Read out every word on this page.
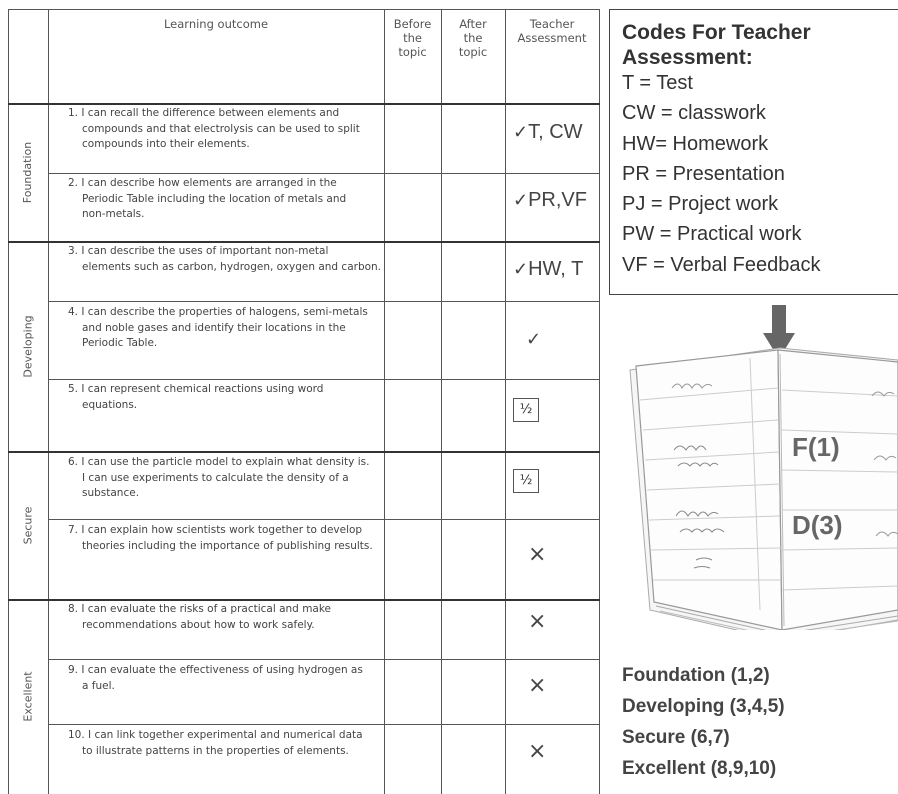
Learning outcome	Before
the
topic
After
the
topic
Teacher
Assessment
Foundation
Developing
Secure
Excellent
1. I can recall the difference between elements and
compounds and that electrolysis can be used to split
compounds into their elements.
2. I can describe how elements are arranged in the
Periodic Table including the location of metals and
non-metals.
3. I can describe the uses of important non-metal
elements such as carbon, hydrogen, oxygen and carbon.
4. I can describe the properties of halogens, semi-metals
and noble gases and identify their locations in the
Periodic Table.
5. I can represent chemical reactions using word
equations.
6. I can use the particle model to explain what density is.
I can use experiments to calculate the density of a
substance.
7. I can explain how scientists work together to develop
theories including the importance of publishing results.
8. I can evaluate the risks of a practical and make
recommendations about how to work safely.
9. I can evaluate the effectiveness of using hydrogen as
a fuel.
10. I can link together experimental and numerical data
to illustrate patterns in the properties of elements.
✓T, CW
✓PR,VF
✓HW, T
✓
½
½
×
×
×
×
Codes For Teacher
Assessment:
T = Test
CW = classwork
HW= Homework
PR = Presentation
PJ = Project work
PW = Practical work
VF = Verbal Feedback
F(1)
D(3)
Foundation (1,2)
Developing (3,4,5)
Secure (6,7)
Excellent (8,9,10)
